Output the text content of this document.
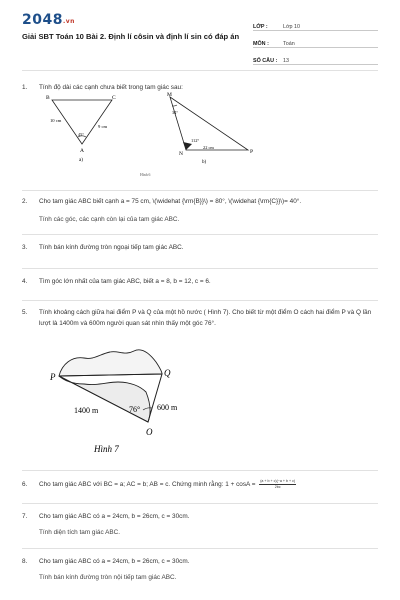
2048.vn
Giải SBT Toán 10 Bài 2. Định lí côsin và định lí sin có đáp án
LỚP :	Lớp 10
MÔN :	Toán
SỐ CÂU :	13
1. Tính độ dài các cạnh chưa biết trong tam giác sau:
B	C
A
10 cm
9 cm
45°
a)
M
N	P
34°
112°
22 cm
b)
Hình 6
2. Cho tam giác ABC biết cạnh a = 75 cm, \(\widehat {\rm{B}}\) = 80°, \(\widehat {\rm{C}}\)= 40°.
Tính các góc, các cạnh còn lại của tam giác ABC.
3. Tính bán kính đường tròn ngoại tiếp tam giác ABC.
4. Tìm góc lớn nhất của tam giác ABC, biết a = 8, b = 12, c = 6.
5. Tính khoảng cách giữa hai điểm P và Q của một hồ nước ( Hình 7). Cho biết từ một điểm O cách hai điểm P và Q lần lượt là 1400m và 600m người quan sát nhìn thấy một góc 76°.
P	Q
O
1400 m	600 m
76°
Hình 7
6. Cho tam giác ABC với BC = a; AC = b; AB = c. Chứng minh rằng: $1 + \cos A = \frac{(a + b + c)(-a + b + c)}{2bc}$
7. Cho tam giác ABC có a = 24cm, b = 26cm, c = 30cm.
Tính diện tích tam giác ABC.
8. Cho tam giác ABC có a = 24cm, b = 26cm, c = 30cm.
Tính bán kính đường tròn nội tiếp tam giác ABC.
